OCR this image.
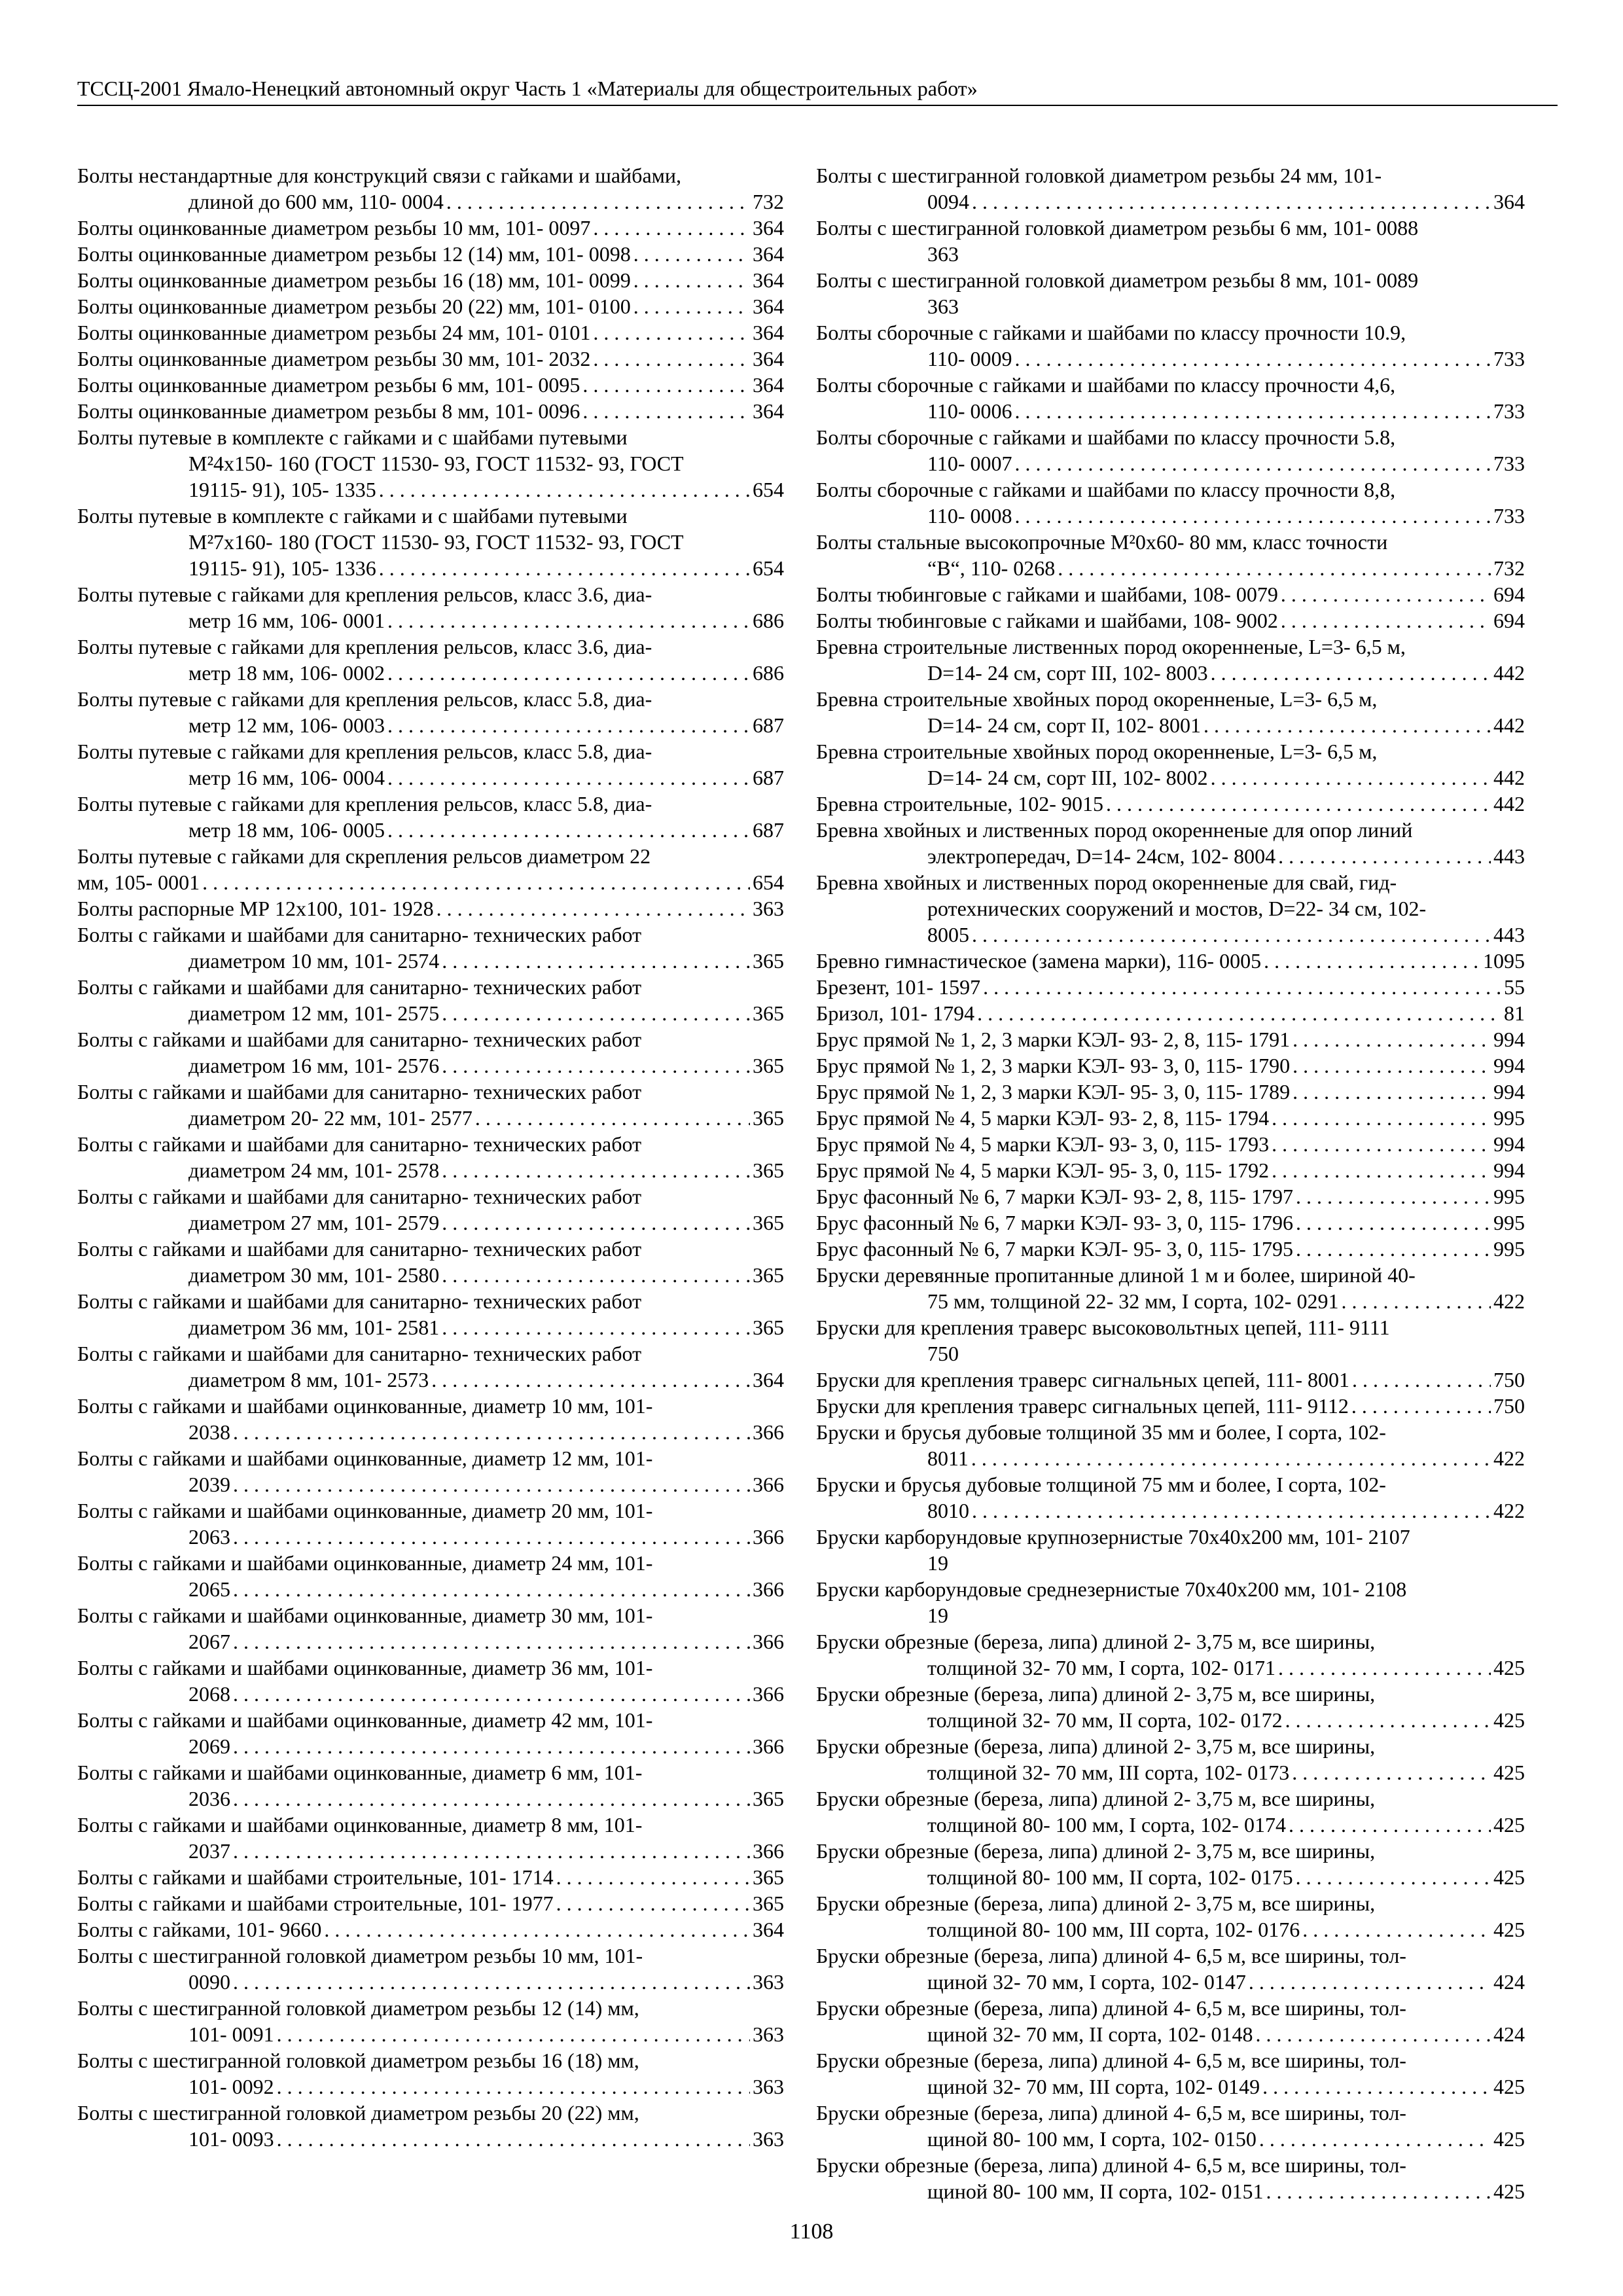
ТССЦ-2001 Ямало-Ненецкий автономный округ Часть 1 «Материалы для общестроительных работ»
Болты нестандартные для конструкций связи с гайками и шайбами,
длиной до 600 мм, 110- 0004 . . .	732
Болты оцинкованные диаметром резьбы 10 мм, 101- 0097 . . .	364
Болты оцинкованные диаметром резьбы 12 (14) мм, 101- 0098 . . .	364
Болты оцинкованные диаметром резьбы 16 (18) мм, 101- 0099 . . .	364
Болты оцинкованные диаметром резьбы 20 (22) мм, 101- 0100 . . .	364
Болты оцинкованные диаметром резьбы 24 мм, 101- 0101 . . .	364
Болты оцинкованные диаметром резьбы 30 мм, 101- 2032 . . .	364
Болты оцинкованные диаметром резьбы 6 мм, 101- 0095 . . .	364
Болты оцинкованные диаметром резьбы 8 мм, 101- 0096 . . .	364
Болты путевые в комплекте с гайками и с шайбами путевыми
М²4х150- 160 (ГОСТ 11530- 93, ГОСТ 11532- 93, ГОСТ
19115- 91), 105- 1335 . . .	654
Болты путевые в комплекте с гайками и с шайбами путевыми
М²7х160- 180 (ГОСТ 11530- 93, ГОСТ 11532- 93, ГОСТ
19115- 91), 105- 1336 . . .	654
Болты путевые с гайками для крепления рельсов, класс 3.6, диа-
метр 16 мм, 106- 0001 . . .	686
Болты путевые с гайками для крепления рельсов, класс 3.6, диа-
метр 18 мм, 106- 0002 . . .	686
Болты путевые с гайками для крепления рельсов, класс 5.8, диа-
метр 12 мм, 106- 0003 . . .	687
Болты путевые с гайками для крепления рельсов, класс 5.8, диа-
метр 16 мм, 106- 0004 . . .	687
Болты путевые с гайками для крепления рельсов, класс 5.8, диа-
метр 18 мм, 106- 0005 . . .	687
Болты путевые с гайками для скрепления рельсов диаметром 22
мм, 105- 0001 . . .	654
Болты распорные МР 12х100, 101- 1928 . . .	363
Болты с гайками и шайбами для санитарно- технических работ
диаметром 10 мм, 101- 2574 . . .	365
Болты с гайками и шайбами для санитарно- технических работ
диаметром 12 мм, 101- 2575 . . .	365
Болты с гайками и шайбами для санитарно- технических работ
диаметром 16 мм, 101- 2576 . . .	365
Болты с гайками и шайбами для санитарно- технических работ
диаметром 20- 22 мм, 101- 2577 . . .	365
Болты с гайками и шайбами для санитарно- технических работ
диаметром 24 мм, 101- 2578 . . .	365
Болты с гайками и шайбами для санитарно- технических работ
диаметром 27 мм, 101- 2579 . . .	365
Болты с гайками и шайбами для санитарно- технических работ
диаметром 30 мм, 101- 2580 . . .	365
Болты с гайками и шайбами для санитарно- технических работ
диаметром 36 мм, 101- 2581 . . .	365
Болты с гайками и шайбами для санитарно- технических работ
диаметром 8 мм, 101- 2573 . . .	364
Болты с гайками и шайбами оцинкованные, диаметр 10 мм, 101-
2038 . . .	366
Болты с гайками и шайбами оцинкованные, диаметр 12 мм, 101-
2039 . . .	366
Болты с гайками и шайбами оцинкованные, диаметр 20 мм, 101-
2063 . . .	366
Болты с гайками и шайбами оцинкованные, диаметр 24 мм, 101-
2065 . . .	366
Болты с гайками и шайбами оцинкованные, диаметр 30 мм, 101-
2067 . . .	366
Болты с гайками и шайбами оцинкованные, диаметр 36 мм, 101-
2068 . . .	366
Болты с гайками и шайбами оцинкованные, диаметр 42 мм, 101-
2069 . . .	366
Болты с гайками и шайбами оцинкованные, диаметр 6 мм, 101-
2036 . . .	365
Болты с гайками и шайбами оцинкованные, диаметр 8 мм, 101-
2037 . . .	366
Болты с гайками и шайбами строительные, 101- 1714 . . .	365
Болты с гайками и шайбами строительные, 101- 1977 . . .	365
Болты с гайками, 101- 9660 . . .	364
Болты с шестигранной головкой диаметром резьбы 10 мм, 101-
0090 . . .	363
Болты с шестигранной головкой диаметром резьбы 12 (14) мм,
101- 0091 . . .	363
Болты с шестигранной головкой диаметром резьбы 16 (18) мм,
101- 0092 . . .	363
Болты с шестигранной головкой диаметром резьбы 20 (22) мм,
101- 0093 . . .	363
Болты с шестигранной головкой диаметром резьбы 24 мм, 101-
0094 . . .	364
Болты с шестигранной головкой диаметром резьбы 6 мм, 101- 0088
363
Болты с шестигранной головкой диаметром резьбы 8 мм, 101- 0089
363
Болты сборочные с гайками и шайбами по классу прочности 10.9,
110- 0009 . . .	733
Болты сборочные с гайками и шайбами по классу прочности 4,6,
110- 0006 . . .	733
Болты сборочные с гайками и шайбами по классу прочности 5.8,
110- 0007 . . .	733
Болты сборочные с гайками и шайбами по классу прочности 8,8,
110- 0008 . . .	733
Болты стальные высокопрочные М²0х60- 80 мм, класс точности
“В“, 110- 0268 . . .	732
Болты тюбинговые с гайками и шайбами, 108- 0079 . . .	694
Болты тюбинговые с гайками и шайбами, 108- 9002 . . .	694
Бревна строительные лиственных пород окоренненые, L=3- 6,5 м,
D=14- 24 см, сорт III, 102- 8003 . . .	442
Бревна строительные хвойных пород окоренненые, L=3- 6,5 м,
D=14- 24 см, сорт II, 102- 8001 . . .	442
Бревна строительные хвойных пород окоренненые, L=3- 6,5 м,
D=14- 24 см, сорт III, 102- 8002 . . .	442
Бревна строительные, 102- 9015 . . .	442
Бревна хвойных и лиственных пород окоренненые для опор линий
электропередач, D=14- 24см, 102- 8004 . . .	443
Бревна хвойных и лиственных пород окоренненые для свай, гид-
ротехнических сооружений и мостов, D=22- 34 см, 102-
8005 . . .	443
Бревно гимнастическое (замена марки), 116- 0005 . . .	1095
Брезент, 101- 1597 . . .	55
Бризол, 101- 1794 . . .	81
Брус прямой № 1, 2, 3 марки КЭЛ- 93- 2, 8, 115- 1791 . . .	994
Брус прямой № 1, 2, 3 марки КЭЛ- 93- 3, 0, 115- 1790 . . .	994
Брус прямой № 1, 2, 3 марки КЭЛ- 95- 3, 0, 115- 1789 . . .	994
Брус прямой № 4, 5 марки КЭЛ- 93- 2, 8, 115- 1794 . . .	995
Брус прямой № 4, 5 марки КЭЛ- 93- 3, 0, 115- 1793 . . .	994
Брус прямой № 4, 5 марки КЭЛ- 95- 3, 0, 115- 1792 . . .	994
Брус фасонный № 6, 7 марки КЭЛ- 93- 2, 8, 115- 1797 . . .	995
Брус фасонный № 6, 7 марки КЭЛ- 93- 3, 0, 115- 1796 . . .	995
Брус фасонный № 6, 7 марки КЭЛ- 95- 3, 0, 115- 1795 . . .	995
Бруски деревянные пропитанные длиной 1 м и более, шириной 40-
75 мм, толщиной 22- 32 мм, I сорта, 102- 0291 . . .	422
Бруски для крепления траверс высоковольтных цепей, 111- 9111
750
Бруски для крепления траверс сигнальных цепей, 111- 8001 . . .	750
Бруски для крепления траверс сигнальных цепей, 111- 9112 . . .	750
Бруски и брусья дубовые толщиной 35 мм и более, I сорта, 102-
8011 . . .	422
Бруски и брусья дубовые толщиной 75 мм и более, I сорта, 102-
8010 . . .	422
Бруски карборундовые крупнозернистые 70х40х200 мм, 101- 2107
19
Бруски карборундовые среднезернистые 70х40х200 мм, 101- 2108
19
Бруски обрезные (береза, липа) длиной 2- 3,75 м, все ширины,
толщиной 32- 70 мм, I сорта, 102- 0171 . . .	425
Бруски обрезные (береза, липа) длиной 2- 3,75 м, все ширины,
толщиной 32- 70 мм, II сорта, 102- 0172 . . .	425
Бруски обрезные (береза, липа) длиной 2- 3,75 м, все ширины,
толщиной 32- 70 мм, III сорта, 102- 0173 . . .	425
Бруски обрезные (береза, липа) длиной 2- 3,75 м, все ширины,
толщиной 80- 100 мм, I сорта, 102- 0174 . . .	425
Бруски обрезные (береза, липа) длиной 2- 3,75 м, все ширины,
толщиной 80- 100 мм, II сорта, 102- 0175 . . .	425
Бруски обрезные (береза, липа) длиной 2- 3,75 м, все ширины,
толщиной 80- 100 мм, III сорта, 102- 0176 . . .	425
Бруски обрезные (береза, липа) длиной 4- 6,5 м, все ширины, тол-
щиной 32- 70 мм, I сорта, 102- 0147 . . .	424
Бруски обрезные (береза, липа) длиной 4- 6,5 м, все ширины, тол-
щиной 32- 70 мм, II сорта, 102- 0148 . . .	424
Бруски обрезные (береза, липа) длиной 4- 6,5 м, все ширины, тол-
щиной 32- 70 мм, III сорта, 102- 0149 . . .	425
Бруски обрезные (береза, липа) длиной 4- 6,5 м, все ширины, тол-
щиной 80- 100 мм, I сорта, 102- 0150 . . .	425
Бруски обрезные (береза, липа) длиной 4- 6,5 м, все ширины, тол-
щиной 80- 100 мм, II сорта, 102- 0151 . . .	425
1108
